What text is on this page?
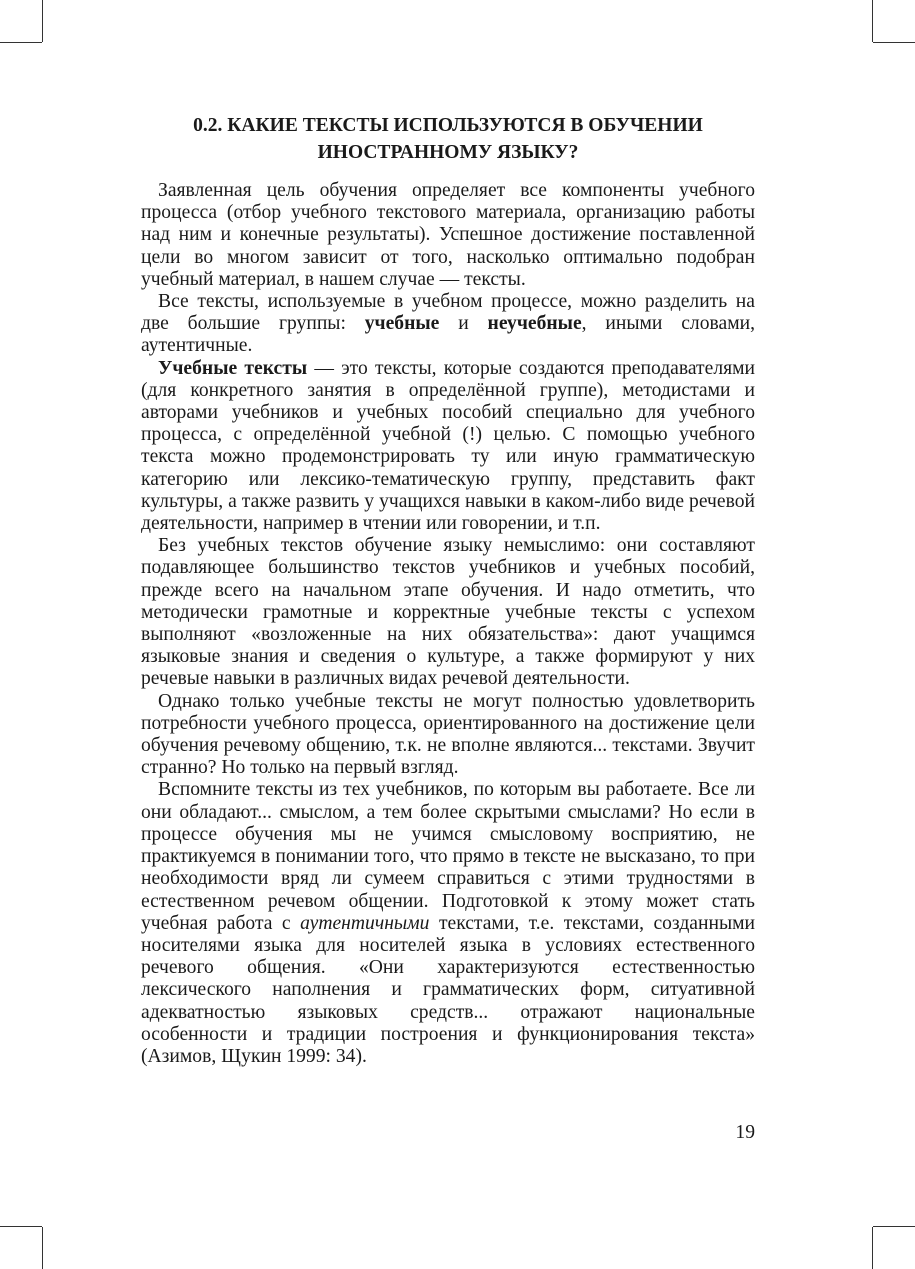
0.2. КАКИЕ ТЕКСТЫ ИСПОЛЬЗУЮТСЯ В ОБУЧЕНИИ
ИНОСТРАННОМУ ЯЗЫКУ?

Заявленная цель обучения определяет все компоненты учебного процесса (отбор учебного текстового материала, организацию работы над ним и конечные результаты). Успешное достижение поставленной цели во многом зависит от того, насколько оптимально подобран учебный материал, в нашем случае — тексты.

Все тексты, используемые в учебном процессе, можно разделить на две большие группы: учебные и неучебные, иными словами, аутентичные.

Учебные тексты — это тексты, которые создаются преподавателями (для конкретного занятия в определённой группе), методистами и авторами учебников и учебных пособий специально для учебного процесса, с определённой учебной (!) целью. С помощью учебного текста можно продемонстрировать ту или иную грамматическую категорию или лексико-тематическую группу, представить факт культуры, а также развить у учащихся навыки в каком-либо виде речевой деятельности, например в чтении или говорении, и т.п.

Без учебных текстов обучение языку немыслимо: они составляют подавляющее большинство текстов учебников и учебных пособий, прежде всего на начальном этапе обучения. И надо отметить, что методически грамотные и корректные учебные тексты с успехом выполняют «возложенные на них обязательства»: дают учащимся языковые знания и сведения о культуре, а также формируют у них речевые навыки в различных видах речевой деятельности.

Однако только учебные тексты не могут полностью удовлетворить потребности учебного процесса, ориентированного на достижение цели обучения речевому общению, т.к. не вполне являются... текстами. Звучит странно? Но только на первый взгляд.

Вспомните тексты из тех учебников, по которым вы работаете. Все ли они обладают... смыслом, а тем более скрытыми смыслами? Но если в процессе обучения мы не учимся смысловому восприятию, не практикуемся в понимании того, что прямо в тексте не высказано, то при необходимости вряд ли сумеем справиться с этими трудностями в естественном речевом общении. Подготовкой к этому может стать учебная работа с аутентичными текстами, т.е. текстами, созданными носителями языка для носителей языка в условиях естественного речевого общения. «Они характеризуются естественностью лексического наполнения и грамматических форм, ситуативной адекватностью языковых средств... отражают национальные особенности и традиции построения и функционирования текста» (Азимов, Щукин 1999: 34).

19
